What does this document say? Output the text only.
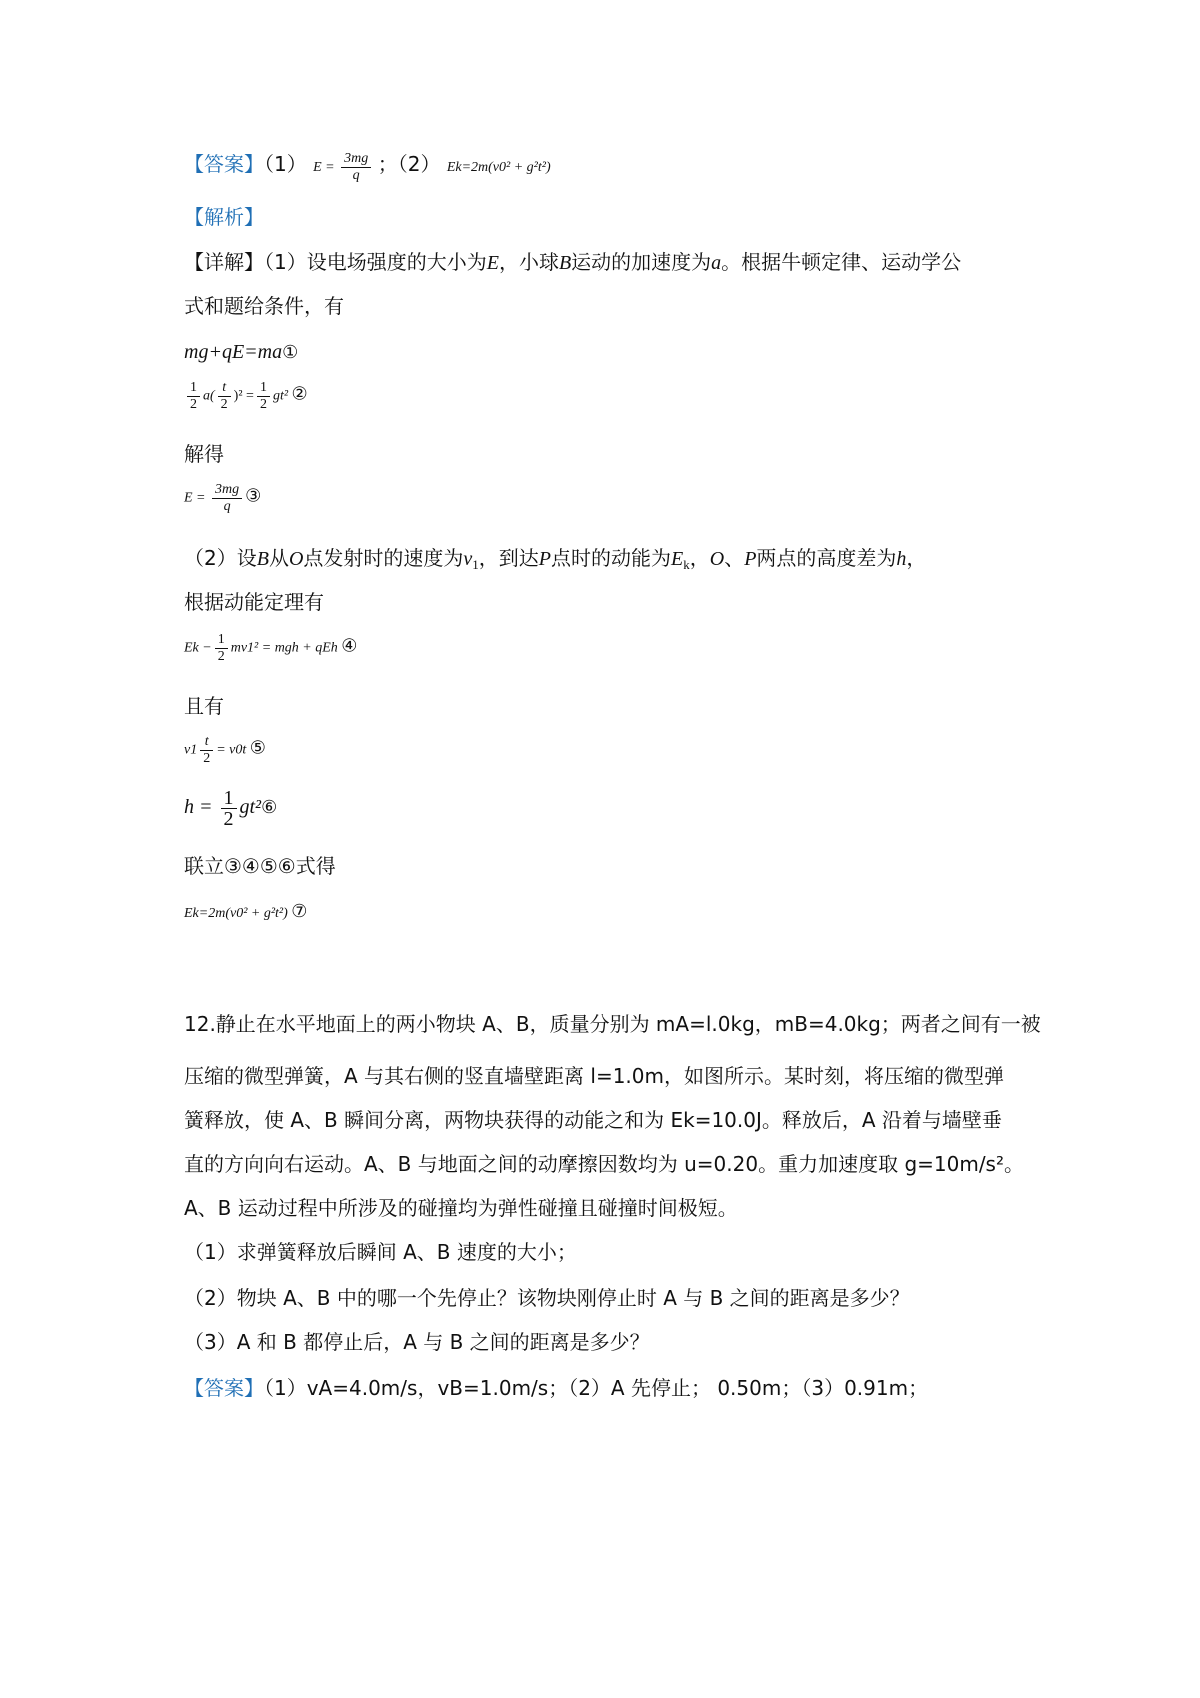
【答案】（1） $E = \frac{3mg}{q}$ ；（2） Ek=2m(v0² + g²t²)
【解析】
【详解】（1）设电场强度的大小为E，小球B运动的加速度为a。根据牛顿定律、运动学公
式和题给条件，有
mg+qE=ma①
$\frac{1}{2} a( \frac{t}{2} )^2 = \frac{1}{2} gt^2$ ②
解得
$E = \frac{3mg}{q}$ ③
（2）设B从O点发射时的速度为$v_1$，到达P点时的动能为$E_k$，O、P两点的高度差为h，
根据动能定理有
$Ek - \frac{1}{2} mv1^2$ = mgh + qEh ④
且有
$v1 \frac{t}{2} = v0t$ ⑤
$h = \frac{1}{2}$ gt²⑥
联立③④⑤⑥式得
Ek=2m(v0² + g²t²) ⑦
12.静止在水平地面上的两小物块 A、B，质量分别为 mA=l.0kg，mB=4.0kg；两者之间有一被
压缩的微型弹簧，A 与其右侧的竖直墙壁距离 l=1.0m，如图所示。某时刻，将压缩的微型弹
簧释放，使 A、B 瞬间分离，两物块获得的动能之和为 Ek=10.0J。释放后，A 沿着与墙壁垂
直的方向向右运动。A、B 与地面之间的动摩擦因数均为 u=0.20。重力加速度取 g=10m/s²。
A、B 运动过程中所涉及的碰撞均为弹性碰撞且碰撞时间极短。
（1）求弹簧释放后瞬间 A、B 速度的大小；
（2）物块 A、B 中的哪一个先停止？该物块刚停止时 A 与 B 之间的距离是多少？
（3）A 和 B 都停止后，A 与 B 之间的距离是多少？
【答案】（1）vA=4.0m/s，vB=1.0m/s；（2）A 先停止； 0.50m；（3）0.91m；
